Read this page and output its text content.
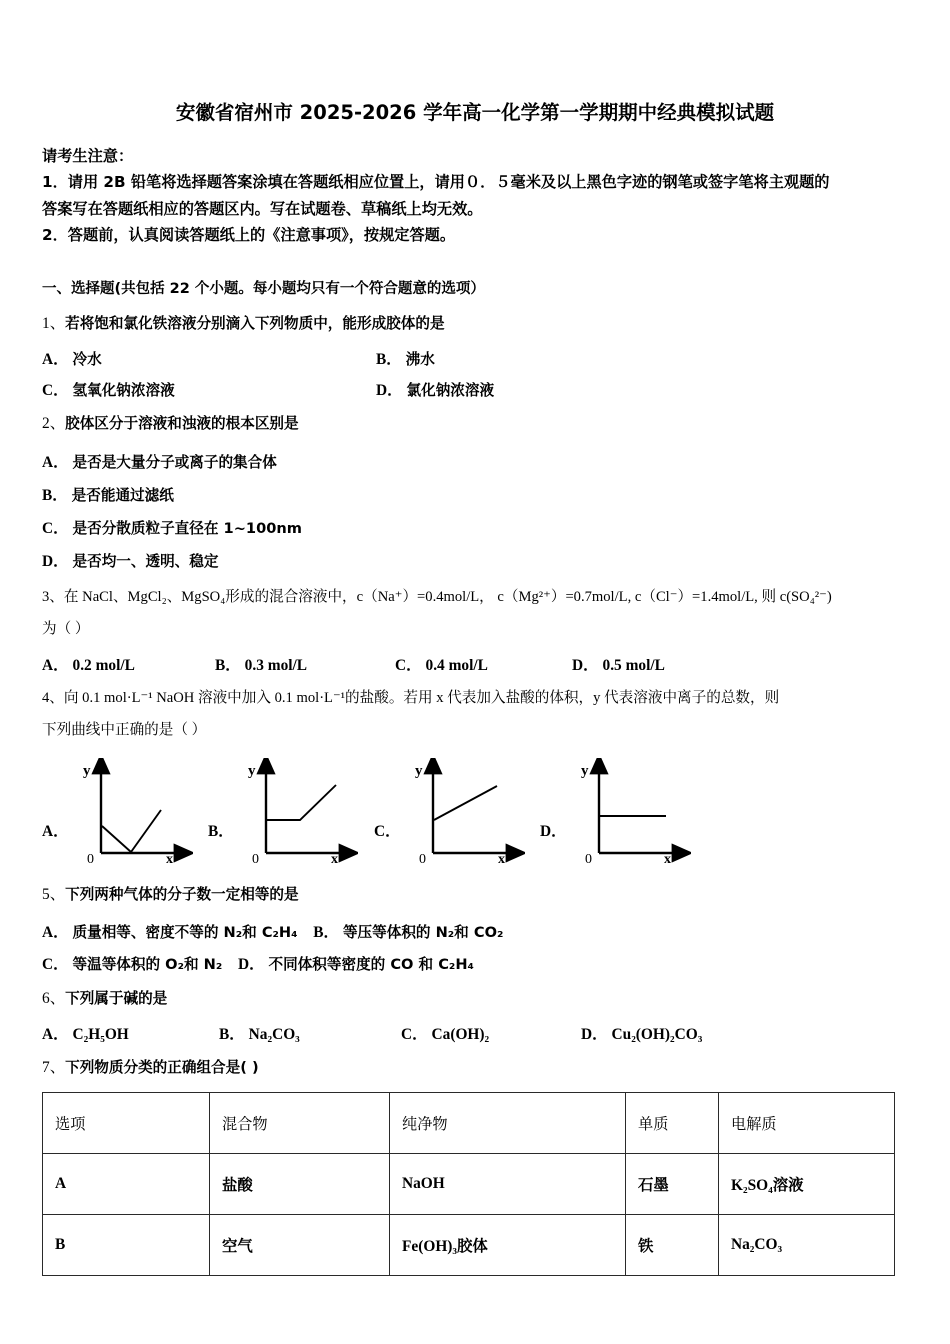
安徽省宿州市 2025-2026 学年高一化学第一学期期中经典模拟试题
请考生注意：
1．请用 2B 铅笔将选择题答案涂填在答题纸相应位置上，请用０．５毫米及以上黑色字迹的钢笔或签字笔将主观题的
答案写在答题纸相应的答题区内。写在试题卷、草稿纸上均无效。
2．答题前，认真阅读答题纸上的《注意事项》，按规定答题。
一、选择题(共包括 22 个小题。每小题均只有一个符合题意的选项）
1、若将饱和氯化铁溶液分别滴入下列物质中，能形成胶体的是
A． 冷水	B． 沸水
C． 氢氧化钠浓溶液	D． 氯化钠浓溶液
2、胶体区分于溶液和浊液的根本区别是
A． 是否是大量分子或离子的集合体
B． 是否能通过滤纸
C． 是否分散质粒子直径在 1~100nm
D． 是否均一、透明、稳定
3、在 NaCl、MgCl₂、MgSO₄形成的混合溶液中，c（Na⁺）=0.4mol/L， c（Mg²⁺）=0.7mol/L, c（Cl⁻）=1.4mol/L, 则 c(SO₄²⁻)
为（ ）
A． 0.2 mol/L	B． 0.3 mol/L	C． 0.4 mol/L	D． 0.5 mol/L
4、向 0.1 mol·L⁻¹ NaOH 溶液中加入 0.1 mol·L⁻¹的盐酸。若用 x 代表加入盐酸的体积，y 代表溶液中离子的总数，则
下列曲线中正确的是（ ）
A．
y
0	x
B．
y
0	x
C．
y
0	x
D．
y
0	x
5、下列两种气体的分子数一定相等的是
A． 质量相等、密度不等的 N₂和 C₂H₄ B． 等压等体积的 N₂和 CO₂
C． 等温等体积的 O₂和 N₂ D． 不同体积等密度的 CO 和 C₂H₄
6、下列属于碱的是
A． C₂H₅OH	B． Na₂CO₃	C． Ca(OH)₂	D． Cu₂(OH)₂CO₃
7、下列物质分类的正确组合是( )
选项	混合物	纯净物	单质	电解质
A	盐酸	NaOH	石墨	K₂SO₄溶液
B	空气	Fe(OH)₃胶体	铁	Na₂CO₃
